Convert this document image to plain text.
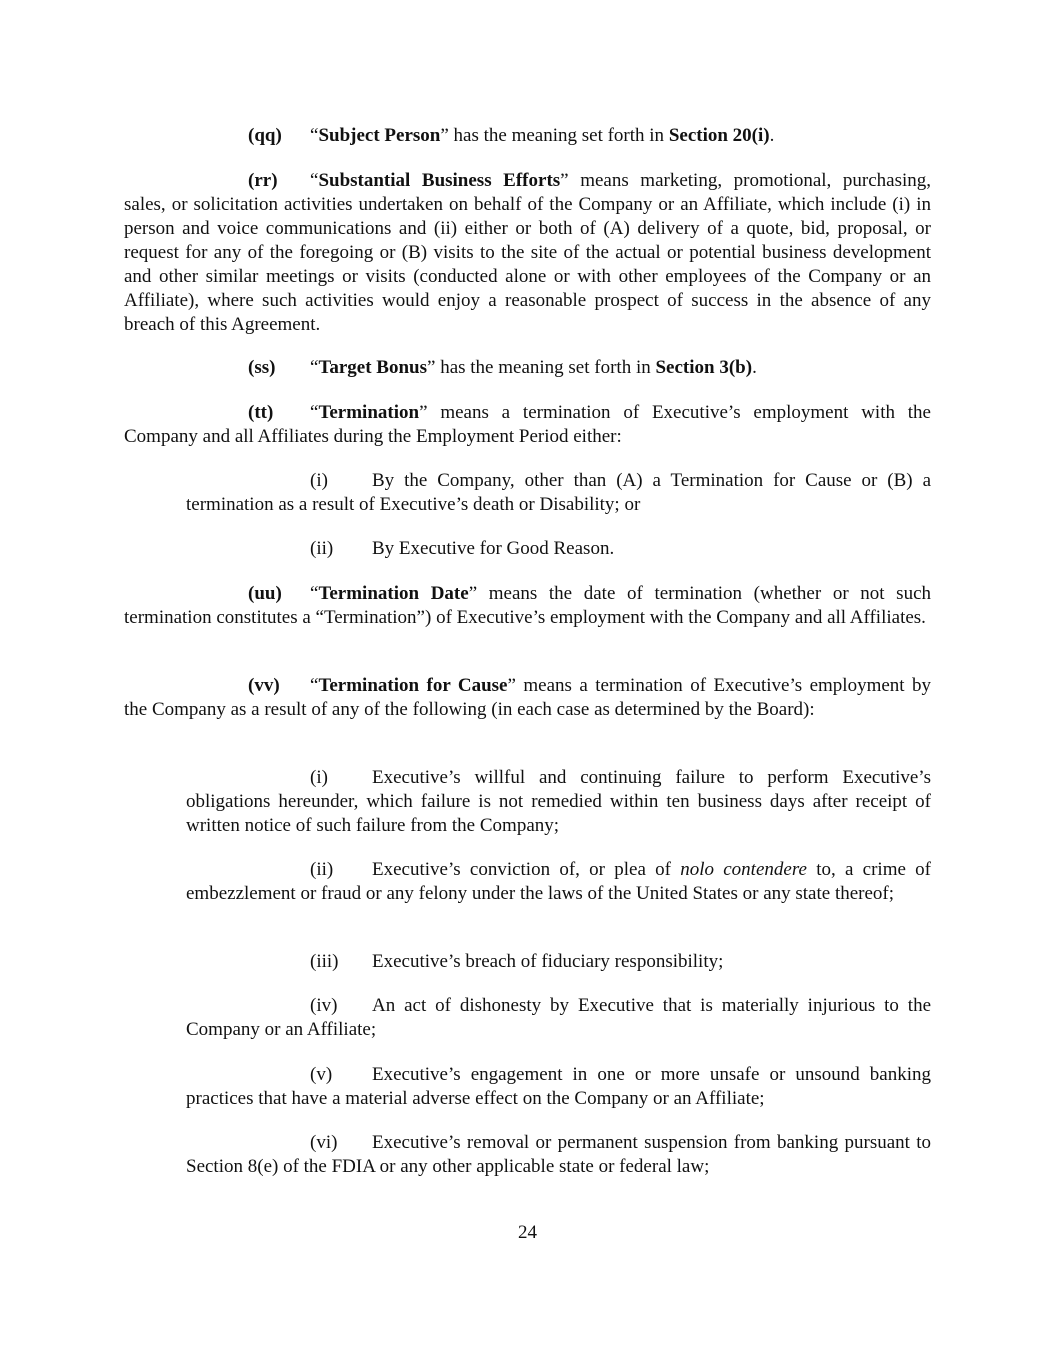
(qq) “Subject Person” has the meaning set forth in Section 20(i).

(rr) “Substantial Business Efforts” means marketing, promotional, purchasing, sales, or solicitation activities undertaken on behalf of the Company or an Affiliate, which include (i) in person and voice communications and (ii) either or both of (A) delivery of a quote, bid, proposal, or request for any of the foregoing or (B) visits to the site of the actual or potential business development and other similar meetings or visits (conducted alone or with other employees of the Company or an Affiliate), where such activities would enjoy a reasonable prospect of success in the absence of any breach of this Agreement.

(ss) “Target Bonus” has the meaning set forth in Section 3(b).

(tt) “Termination” means a termination of Executive’s employment with the Company and all Affiliates during the Employment Period either:

(i) By the Company, other than (A) a Termination for Cause or (B) a termination as a result of Executive’s death or Disability; or

(ii) By Executive for Good Reason.

(uu) “Termination Date” means the date of termination (whether or not such termination constitutes a “Termination”) of Executive’s employment with the Company and all Affiliates.

(vv) “Termination for Cause” means a termination of Executive’s employment by the Company as a result of any of the following (in each case as determined by the Board):

(i) Executive’s willful and continuing failure to perform Executive’s obligations hereunder, which failure is not remedied within ten business days after receipt of written notice of such failure from the Company;

(ii) Executive’s conviction of, or plea of nolo contendere to, a crime of embezzlement or fraud or any felony under the laws of the United States or any state thereof;

(iii) Executive’s breach of fiduciary responsibility;

(iv) An act of dishonesty by Executive that is materially injurious to the Company or an Affiliate;

(v) Executive’s engagement in one or more unsafe or unsound banking practices that have a material adverse effect on the Company or an Affiliate;

(vi) Executive’s removal or permanent suspension from banking pursuant to Section 8(e) of the FDIA or any other applicable state or federal law;

24
